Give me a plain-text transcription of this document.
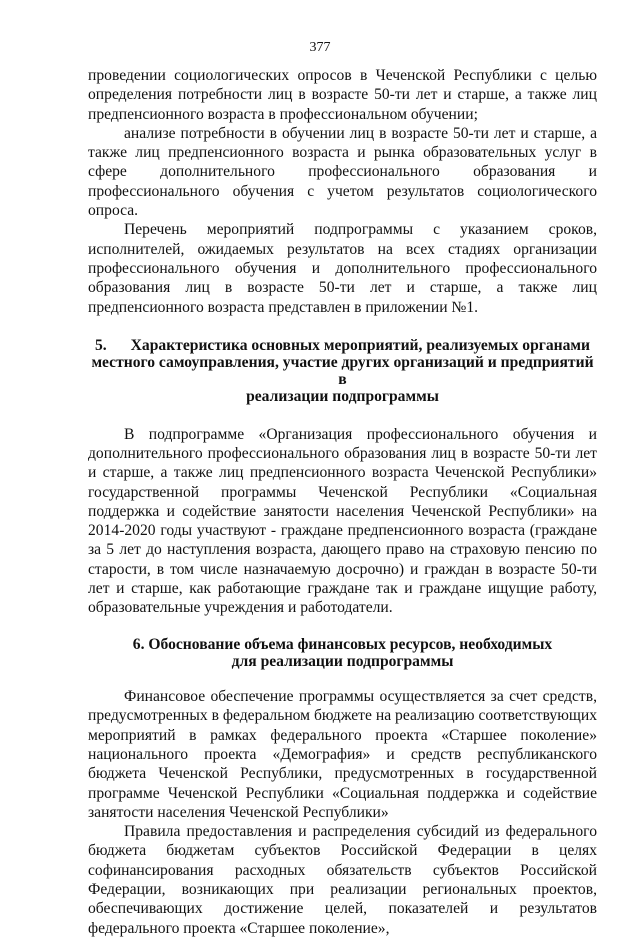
377

проведении социологических опросов в Чеченской Республики с целью определения потребности лиц в возрасте 50-ти лет и старше, а также лиц предпенсионного возраста в профессиональном обучении;

анализе потребности в обучении лиц в возрасте 50-ти лет и старше, а также лиц предпенсионного возраста и рынка образовательных услуг в сфере дополнительного профессионального образования и профессионального обучения с учетом результатов социологического опроса.

Перечень мероприятий подпрограммы с указанием сроков, исполнителей, ожидаемых результатов на всех стадиях организации профессионального обучения и дополнительного профессионального образования лиц в возрасте 50-ти лет и старше, а также лиц предпенсионного возраста представлен в приложении №1.

5. Характеристика основных мероприятий, реализуемых органами
местного самоуправления, участие других организаций и предприятий в
реализации подпрограммы

В подпрограмме «Организация профессионального обучения и дополнительного профессионального образования лиц в возрасте 50-ти лет и старше, а также лиц предпенсионного возраста Чеченской Республики» государственной программы Чеченской Республики «Социальная поддержка и содействие занятости населения Чеченской Республики» на 2014-2020 годы участвуют - граждане предпенсионного возраста (граждане за 5 лет до наступления возраста, дающего право на страховую пенсию по старости, в том числе назначаемую досрочно) и граждан в возрасте 50-ти лет и старше, как работающие граждане так и граждане ищущие работу, образовательные учреждения и работодатели.

6. Обоснование объема финансовых ресурсов, необходимых
для реализации подпрограммы

Финансовое обеспечение программы осуществляется за счет средств, предусмотренных в федеральном бюджете на реализацию соответствующих мероприятий в рамках федерального проекта «Старшее поколение» национального проекта «Демография» и средств республиканского бюджета Чеченской Республики, предусмотренных в государственной программе Чеченской Республики «Социальная поддержка и содействие занятости населения Чеченской Республики»

Правила предоставления и распределения субсидий из федерального бюджета бюджетам субъектов Российской Федерации в целях софинансирования расходных обязательств субъектов Российской Федерации, возникающих при реализации региональных проектов, обеспечивающих достижение целей, показателей и результатов федерального проекта «Старшее поколение»,
